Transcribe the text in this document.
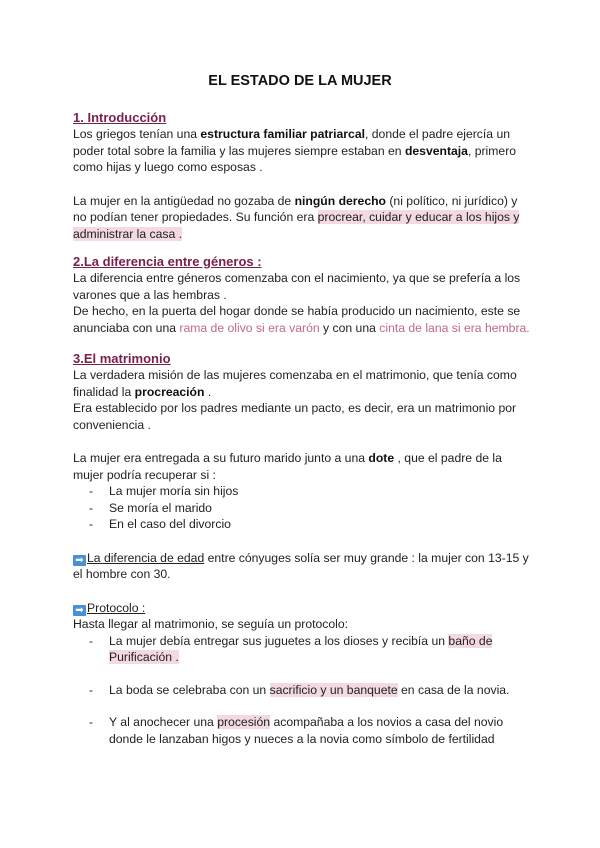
EL ESTADO DE LA MUJER
1. Introducción

Los griegos tenían una estructura familiar patriarcal, donde el padre ejercía un poder total sobre la familia y las mujeres siempre estaban en desventaja, primero como hijas y luego como esposas .

La mujer en la antigüedad no gozaba de ningún derecho (ni político, ni jurídico) y no podían tener propiedades. Su función era procrear, cuidar y educar a los hijos y administrar la casa .

2.La diferencia entre géneros :

La diferencia entre géneros comenzaba con el nacimiento, ya que se prefería a los varones que a las hembras .

De hecho, en la puerta del hogar donde se había producido un nacimiento, este se anunciaba con una rama de olivo si era varón y con una cinta de lana si era hembra.

3.El matrimonio

La verdadera misión de las mujeres comenzaba en el matrimonio, que tenía como finalidad la procreación .

Era establecido por los padres mediante un pacto, es decir, era un matrimonio por conveniencia .

La mujer era entregada a su futuro marido junto a una dote , que el padre de la mujer podría recuperar si :

- La mujer moría sin hijos
- Se moría el marido
- En el caso del divorcio

➡ La diferencia de edad entre cónyuges solía ser muy grande : la mujer con 13-15 y el hombre con 30.

➡ Protocolo :

Hasta llegar al matrimonio, se seguía un protocolo:

- La mujer debía entregar sus juguetes a los dioses y recibía un baño de Purificación .
- La boda se celebraba con un sacrificio y un banquete en casa de la novia.
- Y al anochecer una procesión acompañaba a los novios a casa del novio donde le lanzaban higos y nueces a la novia como símbolo de fertilidad
